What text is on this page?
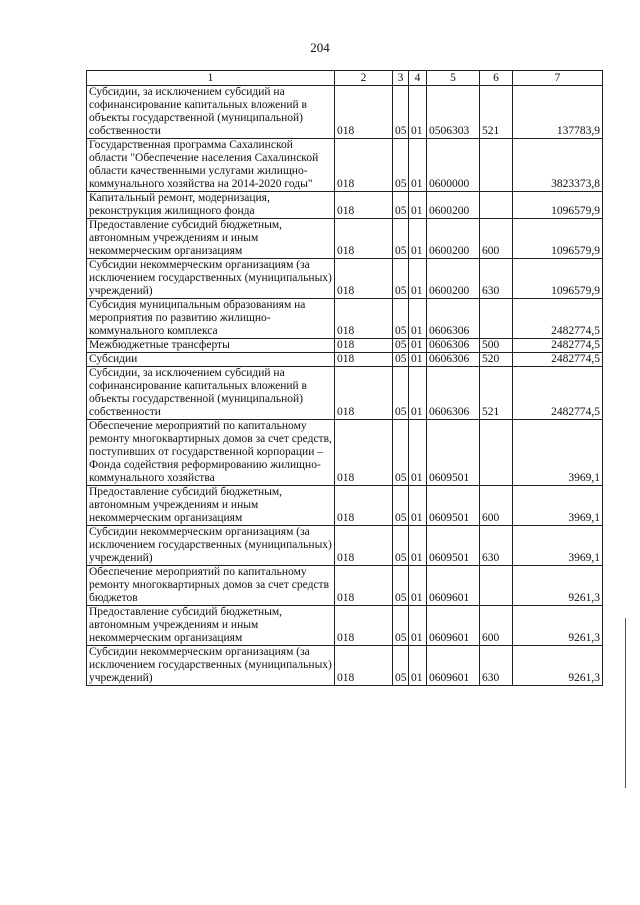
204
1	2	3	4	5	6	7
Субсидии, за исключением субсидий на софинансирование капитальных вложений в объекты государственной (муниципальной) собственности	018	05	01	0506303	521	137783,9
Государственная программа Сахалинской области "Обеспечение населения Сахалинской области качественными услугами жилищно-коммунального хозяйства на 2014-2020 годы"	018	05	01	0600000		3823373,8
Капитальный ремонт, модернизация, реконструкция жилищного фонда	018	05	01	0600200		1096579,9
Предоставление субсидий бюджетным, автономным учреждениям и иным некоммерческим организациям	018	05	01	0600200	600	1096579,9
Субсидии некоммерческим организациям (за исключением государственных (муниципальных) учреждений)	018	05	01	0600200	630	1096579,9
Субсидия муниципальным образованиям на мероприятия по развитию жилищно-коммунального комплекса	018	05	01	0606306		2482774,5
Межбюджетные трансферты	018	05	01	0606306	500	2482774,5
Субсидии	018	05	01	0606306	520	2482774,5
Субсидии, за исключением субсидий на софинансирование капитальных вложений в объекты государственной (муниципальной) собственности	018	05	01	0606306	521	2482774,5
Обеспечение мероприятий по капитальному ремонту многоквартирных домов за счет средств, поступивших от государственной корпорации – Фонда содействия реформированию жилищно-коммунального хозяйства	018	05	01	0609501		3969,1
Предоставление субсидий бюджетным, автономным учреждениям и иным некоммерческим организациям	018	05	01	0609501	600	3969,1
Субсидии некоммерческим организациям (за исключением государственных (муниципальных) учреждений)	018	05	01	0609501	630	3969,1
Обеспечение мероприятий по капитальному ремонту многоквартирных домов за счет средств бюджетов	018	05	01	0609601		9261,3
Предоставление субсидий бюджетным, автономным учреждениям и иным некоммерческим организациям	018	05	01	0609601	600	9261,3
Субсидии некоммерческим организациям (за исключением государственных (муниципальных) учреждений)	018	05	01	0609601	630	9261,3
